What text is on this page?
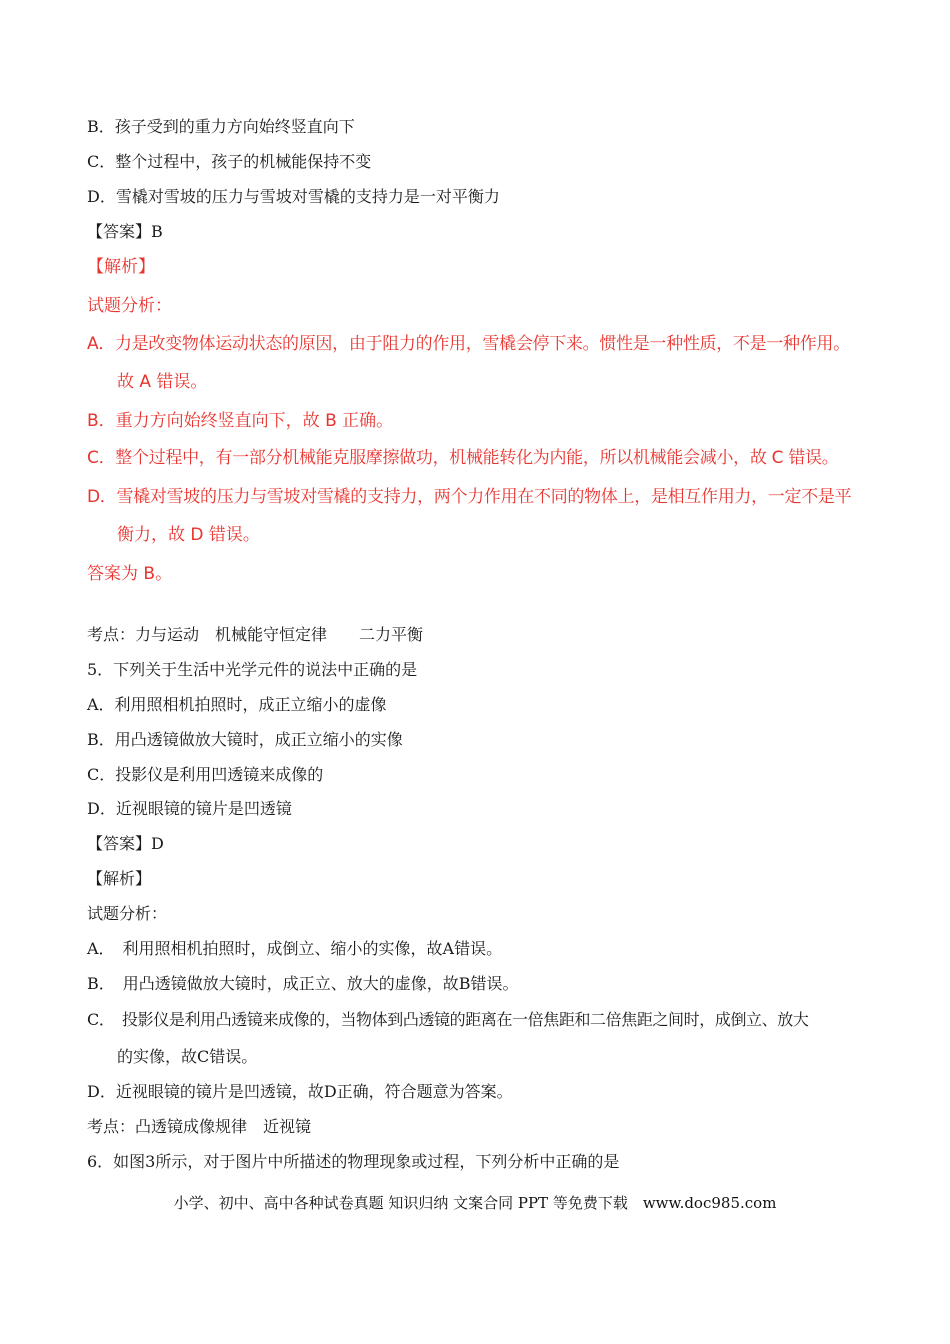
B．孩子受到的重力方向始终竖直向下
C．整个过程中，孩子的机械能保持不变
D．雪橇对雪坡的压力与雪坡对雪橇的支持力是一对平衡力
【答案】B
【解析】
试题分析：
A．力是改变物体运动状态的原因，由于阻力的作用，雪橇会停下来。惯性是一种性质，不是一种作用。
故 A 错误。
B．重力方向始终竖直向下，故 B 正确。
C．整个过程中，有一部分机械能克服摩擦做功，机械能转化为内能，所以机械能会减小，故 C 错误。
D．雪橇对雪坡的压力与雪坡对雪橇的支持力，两个力作用在不同的物体上，是相互作用力，一定不是平
衡力，故 D 错误。
答案为 B。
考点：力与运动　机械能守恒定律　　二力平衡
5．下列关于生活中光学元件的说法中正确的是
A．利用照相机拍照时，成正立缩小的虚像
B．用凸透镜做放大镜时，成正立缩小的实像
C．投影仪是利用凹透镜来成像的
D．近视眼镜的镜片是凹透镜
【答案】D
【解析】
试题分析：
A．　利用照相机拍照时，成倒立、缩小的实像，故A错误。
B．　用凸透镜做放大镜时，成正立、放大的虚像，故B错误。
C．　投影仪是利用凸透镜来成像的，当物体到凸透镜的距离在一倍焦距和二倍焦距之间时，成倒立、放大
的实像，故C错误。
D．近视眼镜的镜片是凹透镜，故D正确，符合题意为答案。
考点：凸透镜成像规律　近视镜
6．如图3所示，对于图片中所描述的物理现象或过程，下列分析中正确的是
小学、初中、高中各种试卷真题 知识归纳 文案合同 PPT 等免费下载　www.doc985.com
